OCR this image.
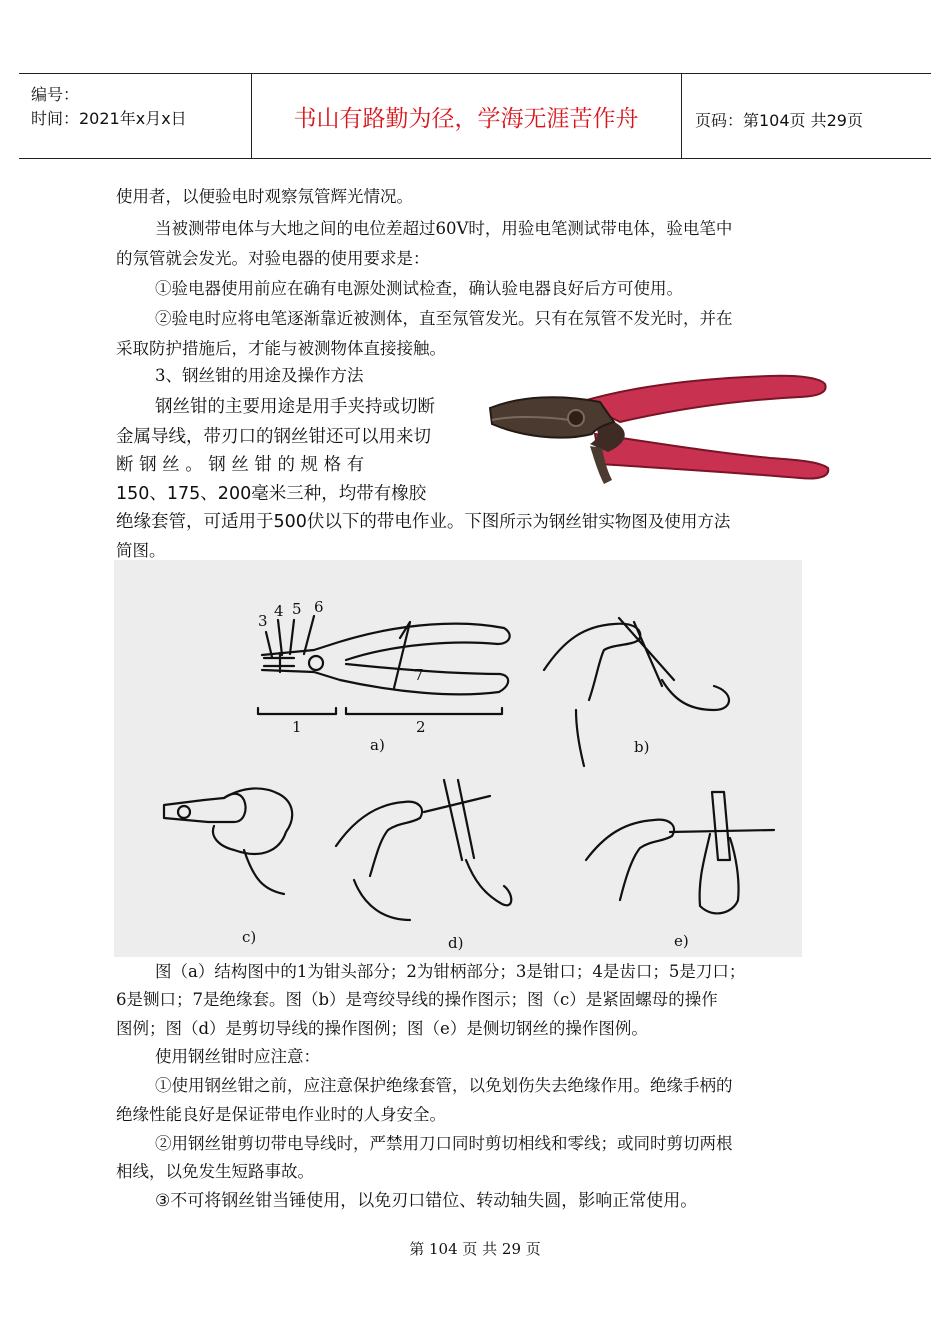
编号：
时间：2021年x月x日	书山有路勤为径，学海无涯苦作舟	页码：第104页 共29页
使用者，以便验电时观察氖管辉光情况。
当被测带电体与大地之间的电位差超过60V时，用验电笔测试带电体，验电笔中
的氖管就会发光。对验电器的使用要求是：
①验电器使用前应在确有电源处测试检查，确认验电器良好后方可使用。
②验电时应将电笔逐渐靠近被测体，直至氖管发光。只有在氖管不发光时，并在
采取防护措施后，才能与被测物体直接接触。
3、钢丝钳的用途及操作方法
钢丝钳的主要用途是用手夹持或切断
金属导线，带刃口的钢丝钳还可以用来切
断 钢 丝 。 钢 丝 钳 的 规 格 有
150、175、200毫米三种，均带有橡胶
绝缘套管，可适用于500伏以下的带电作业。下图所示为钢丝钳实物图及使用方法
简图。
3
4 5 6
7
1	2
a)	b)
c)	d)	e)
图（a）结构图中的1为钳头部分；2为钳柄部分；3是钳口；4是齿口；5是刀口；
6是铡口；7是绝缘套。图（b）是弯绞导线的操作图示；图（c）是紧固螺母的操作
图例；图（d）是剪切导线的操作图例；图（e）是侧切钢丝的操作图例。
使用钢丝钳时应注意：
①使用钢丝钳之前，应注意保护绝缘套管，以免划伤失去绝缘作用。绝缘手柄的
绝缘性能良好是保证带电作业时的人身安全。
②用钢丝钳剪切带电导线时，严禁用刀口同时剪切相线和零线；或同时剪切两根
相线，以免发生短路事故。
③不可将钢丝钳当锤使用，以免刃口错位、转动轴失圆，影响正常使用。
第 104 页 共 29 页
